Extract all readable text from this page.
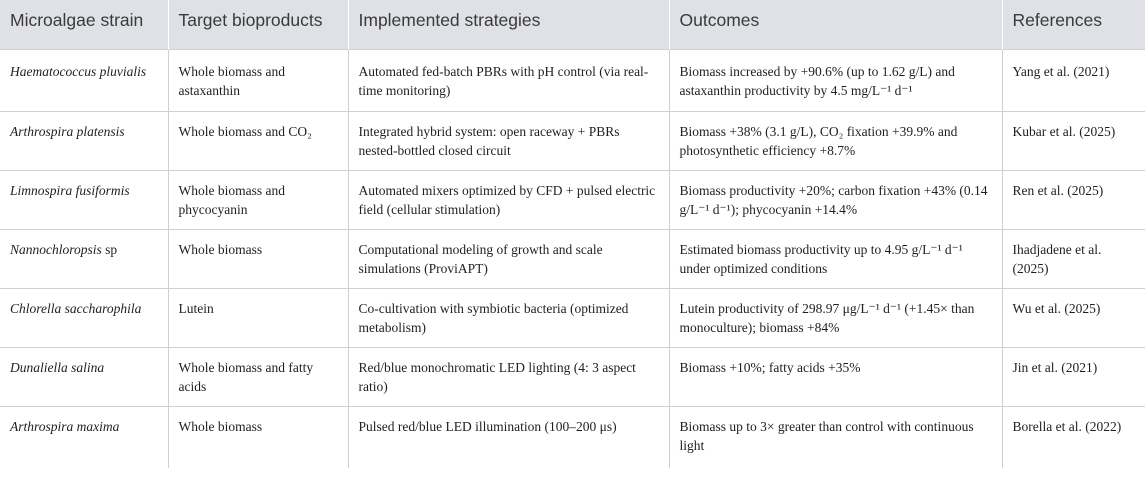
Microalgae strain	Target bioproducts	Implemented strategies	Outcomes	References
Haematococcus pluvialis	Whole biomass and astaxanthin	Automated fed-batch PBRs with pH control (via real-time monitoring)	Biomass increased by +90.6% (up to 1.62 g/L) and astaxanthin productivity by 4.5 mg/L⁻¹ d⁻¹	Yang et al. (2021)
Arthrospira platensis	Whole biomass and CO₂	Integrated hybrid system: open raceway + PBRs nested-bottled closed circuit	Biomass +38% (3.1 g/L), CO₂ fixation +39.9% and photosynthetic efficiency +8.7%	Kubar et al. (2025)
Limnospira fusiformis	Whole biomass and phycocyanin	Automated mixers optimized by CFD + pulsed electric field (cellular stimulation)	Biomass productivity +20%; carbon fixation +43% (0.14 g/L⁻¹ d⁻¹); phycocyanin +14.4%	Ren et al. (2025)
Nannochloropsis sp	Whole biomass	Computational modeling of growth and scale simulations (ProviAPT)	Estimated biomass productivity up to 4.95 g/L⁻¹ d⁻¹ under optimized conditions	Ihadjadene et al. (2025)
Chlorella saccharophila	Lutein	Co-cultivation with symbiotic bacteria (optimized metabolism)	Lutein productivity of 298.97 μg/L⁻¹ d⁻¹ (+1.45× than monoculture); biomass +84%	Wu et al. (2025)
Dunaliella salina	Whole biomass and fatty acids	Red/blue monochromatic LED lighting (4: 3 aspect ratio)	Biomass +10%; fatty acids +35%	Jin et al. (2021)
Arthrospira maxima	Whole biomass	Pulsed red/blue LED illumination (100–200 μs)	Biomass up to 3× greater than control with continuous light	Borella et al. (2022)
